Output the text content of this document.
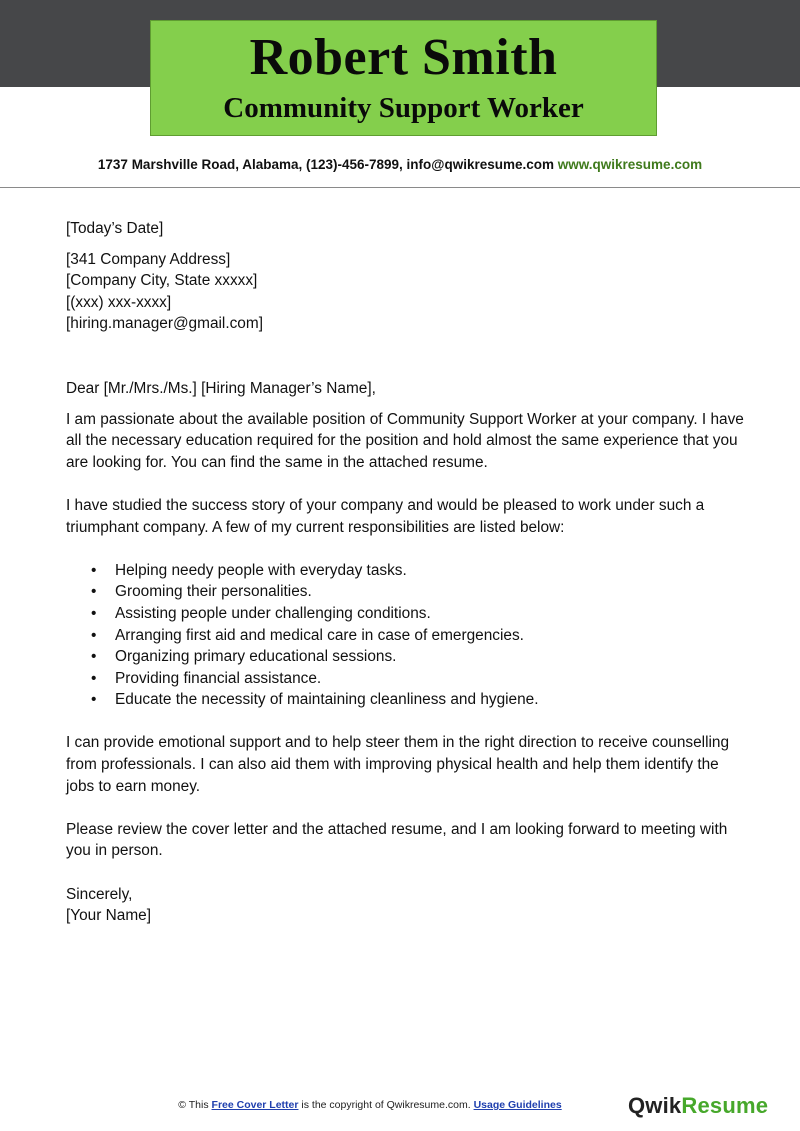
Robert Smith
Community Support Worker
1737 Marshville Road, Alabama, (123)-456-7899, info@qwikresume.com www.qwikresume.com

[Today’s Date]

[341 Company Address]

[Company City, State xxxxx]

[(xxx) xxx-xxxx]

[hiring.manager@gmail.com]

Dear [Mr./Mrs./Ms.] [Hiring Manager’s Name],

I am passionate about the available position of Community Support Worker at your company. I have all the necessary education required for the position and hold almost the same experience that you are looking for. You can find the same in the attached resume.

I have studied the success story of your company and would be pleased to work under such a triumphant company. A few of my current responsibilities are listed below:

• Helping needy people with everyday tasks.
• Grooming their personalities.
• Assisting people under challenging conditions.
• Arranging first aid and medical care in case of emergencies.
• Organizing primary educational sessions.
• Providing financial assistance.
• Educate the necessity of maintaining cleanliness and hygiene.

I can provide emotional support and to help steer them in the right direction to receive counselling from professionals. I can also aid them with improving physical health and help them identify the jobs to earn money.

Please review the cover letter and the attached resume, and I am looking forward to meeting with you in person.

Sincerely,

[Your Name]

© This Free Cover Letter is the copyright of Qwikresume.com. Usage Guidelines	QwikResume
